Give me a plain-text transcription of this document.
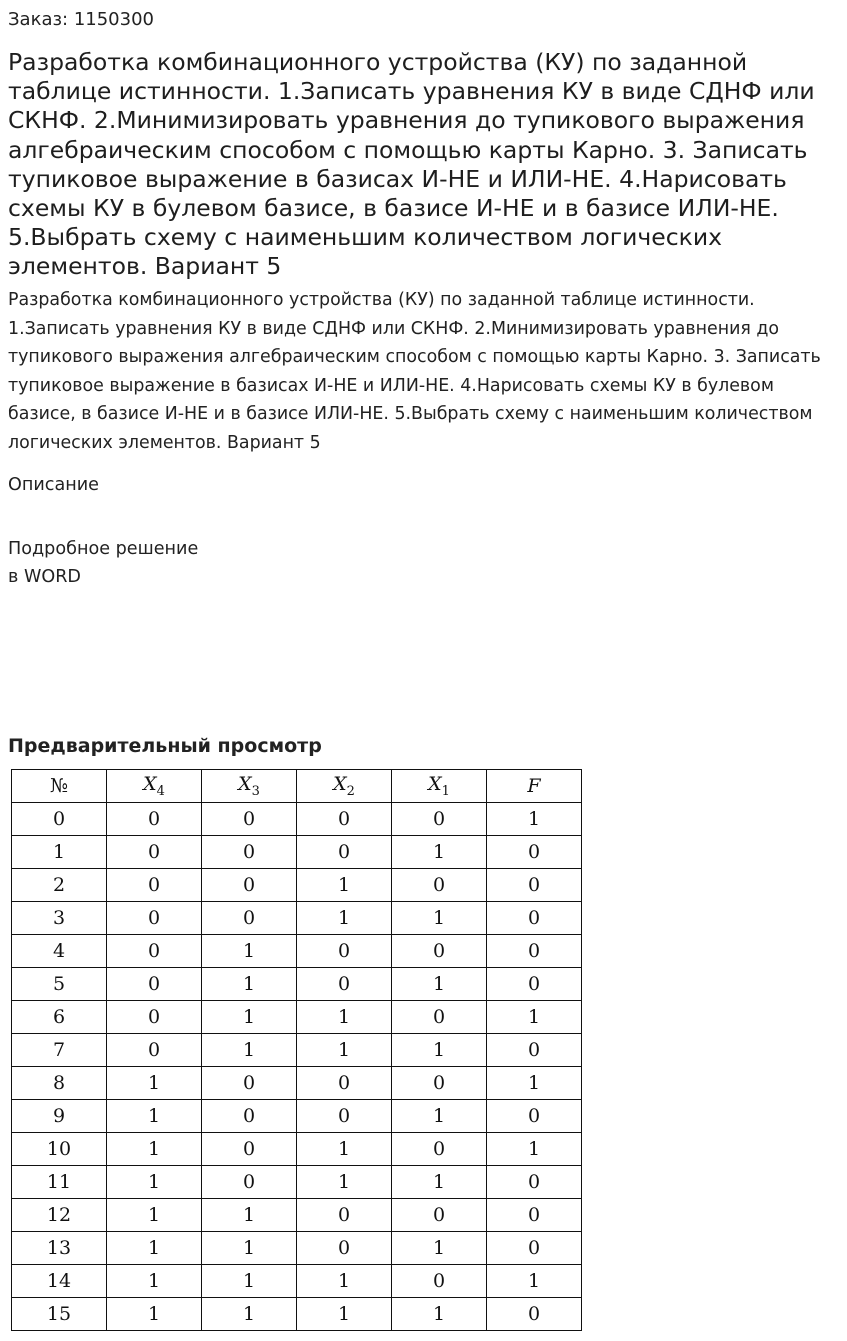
Заказ: 1150300
Разработка комбинационного устройства (КУ) по заданной таблице истинности. 1.Записать уравнения КУ в виде СДНФ или СКНФ. 2.Минимизировать уравнения до тупикового выражения алгебраическим способом с помощью карты Карно. 3. Записать тупиковое выражение в базисах И-НЕ и ИЛИ-НЕ. 4.Нарисовать схемы КУ в булевом базисе, в базисе И-НЕ и в базисе ИЛИ-НЕ. 5.Выбрать схему с наименьшим количеством логических элементов. Вариант 5

Разработка комбинационного устройства (КУ) по заданной таблице истинности. 1.Записать уравнения КУ в виде СДНФ или СКНФ. 2.Минимизировать уравнения до тупикового выражения алгебраическим способом с помощью карты Карно. 3. Записать тупиковое выражение в базисах И-НЕ и ИЛИ-НЕ. 4.Нарисовать схемы КУ в булевом базисе, в базисе И-НЕ и в базисе ИЛИ-НЕ. 5.Выбрать схему с наименьшим количеством логических элементов. Вариант 5

Описание
Подробное решение
в WORD
Предварительный просмотр
№	$X_4$	$X_3$	$X_2$	$X_1$	F
0	0	0	0	0	1
1	0	0	0	1	0
2	0	0	1	0	0
3	0	0	1	1	0
4	0	1	0	0	0
5	0	1	0	1	0
6	0	1	1	0	1
7	0	1	1	1	0
8	1	0	0	0	1
9	1	0	0	1	0
10	1	0	1	0	1
11	1	0	1	1	0
12	1	1	0	0	0
13	1	1	0	1	0
14	1	1	1	0	1
15	1	1	1	1	0
